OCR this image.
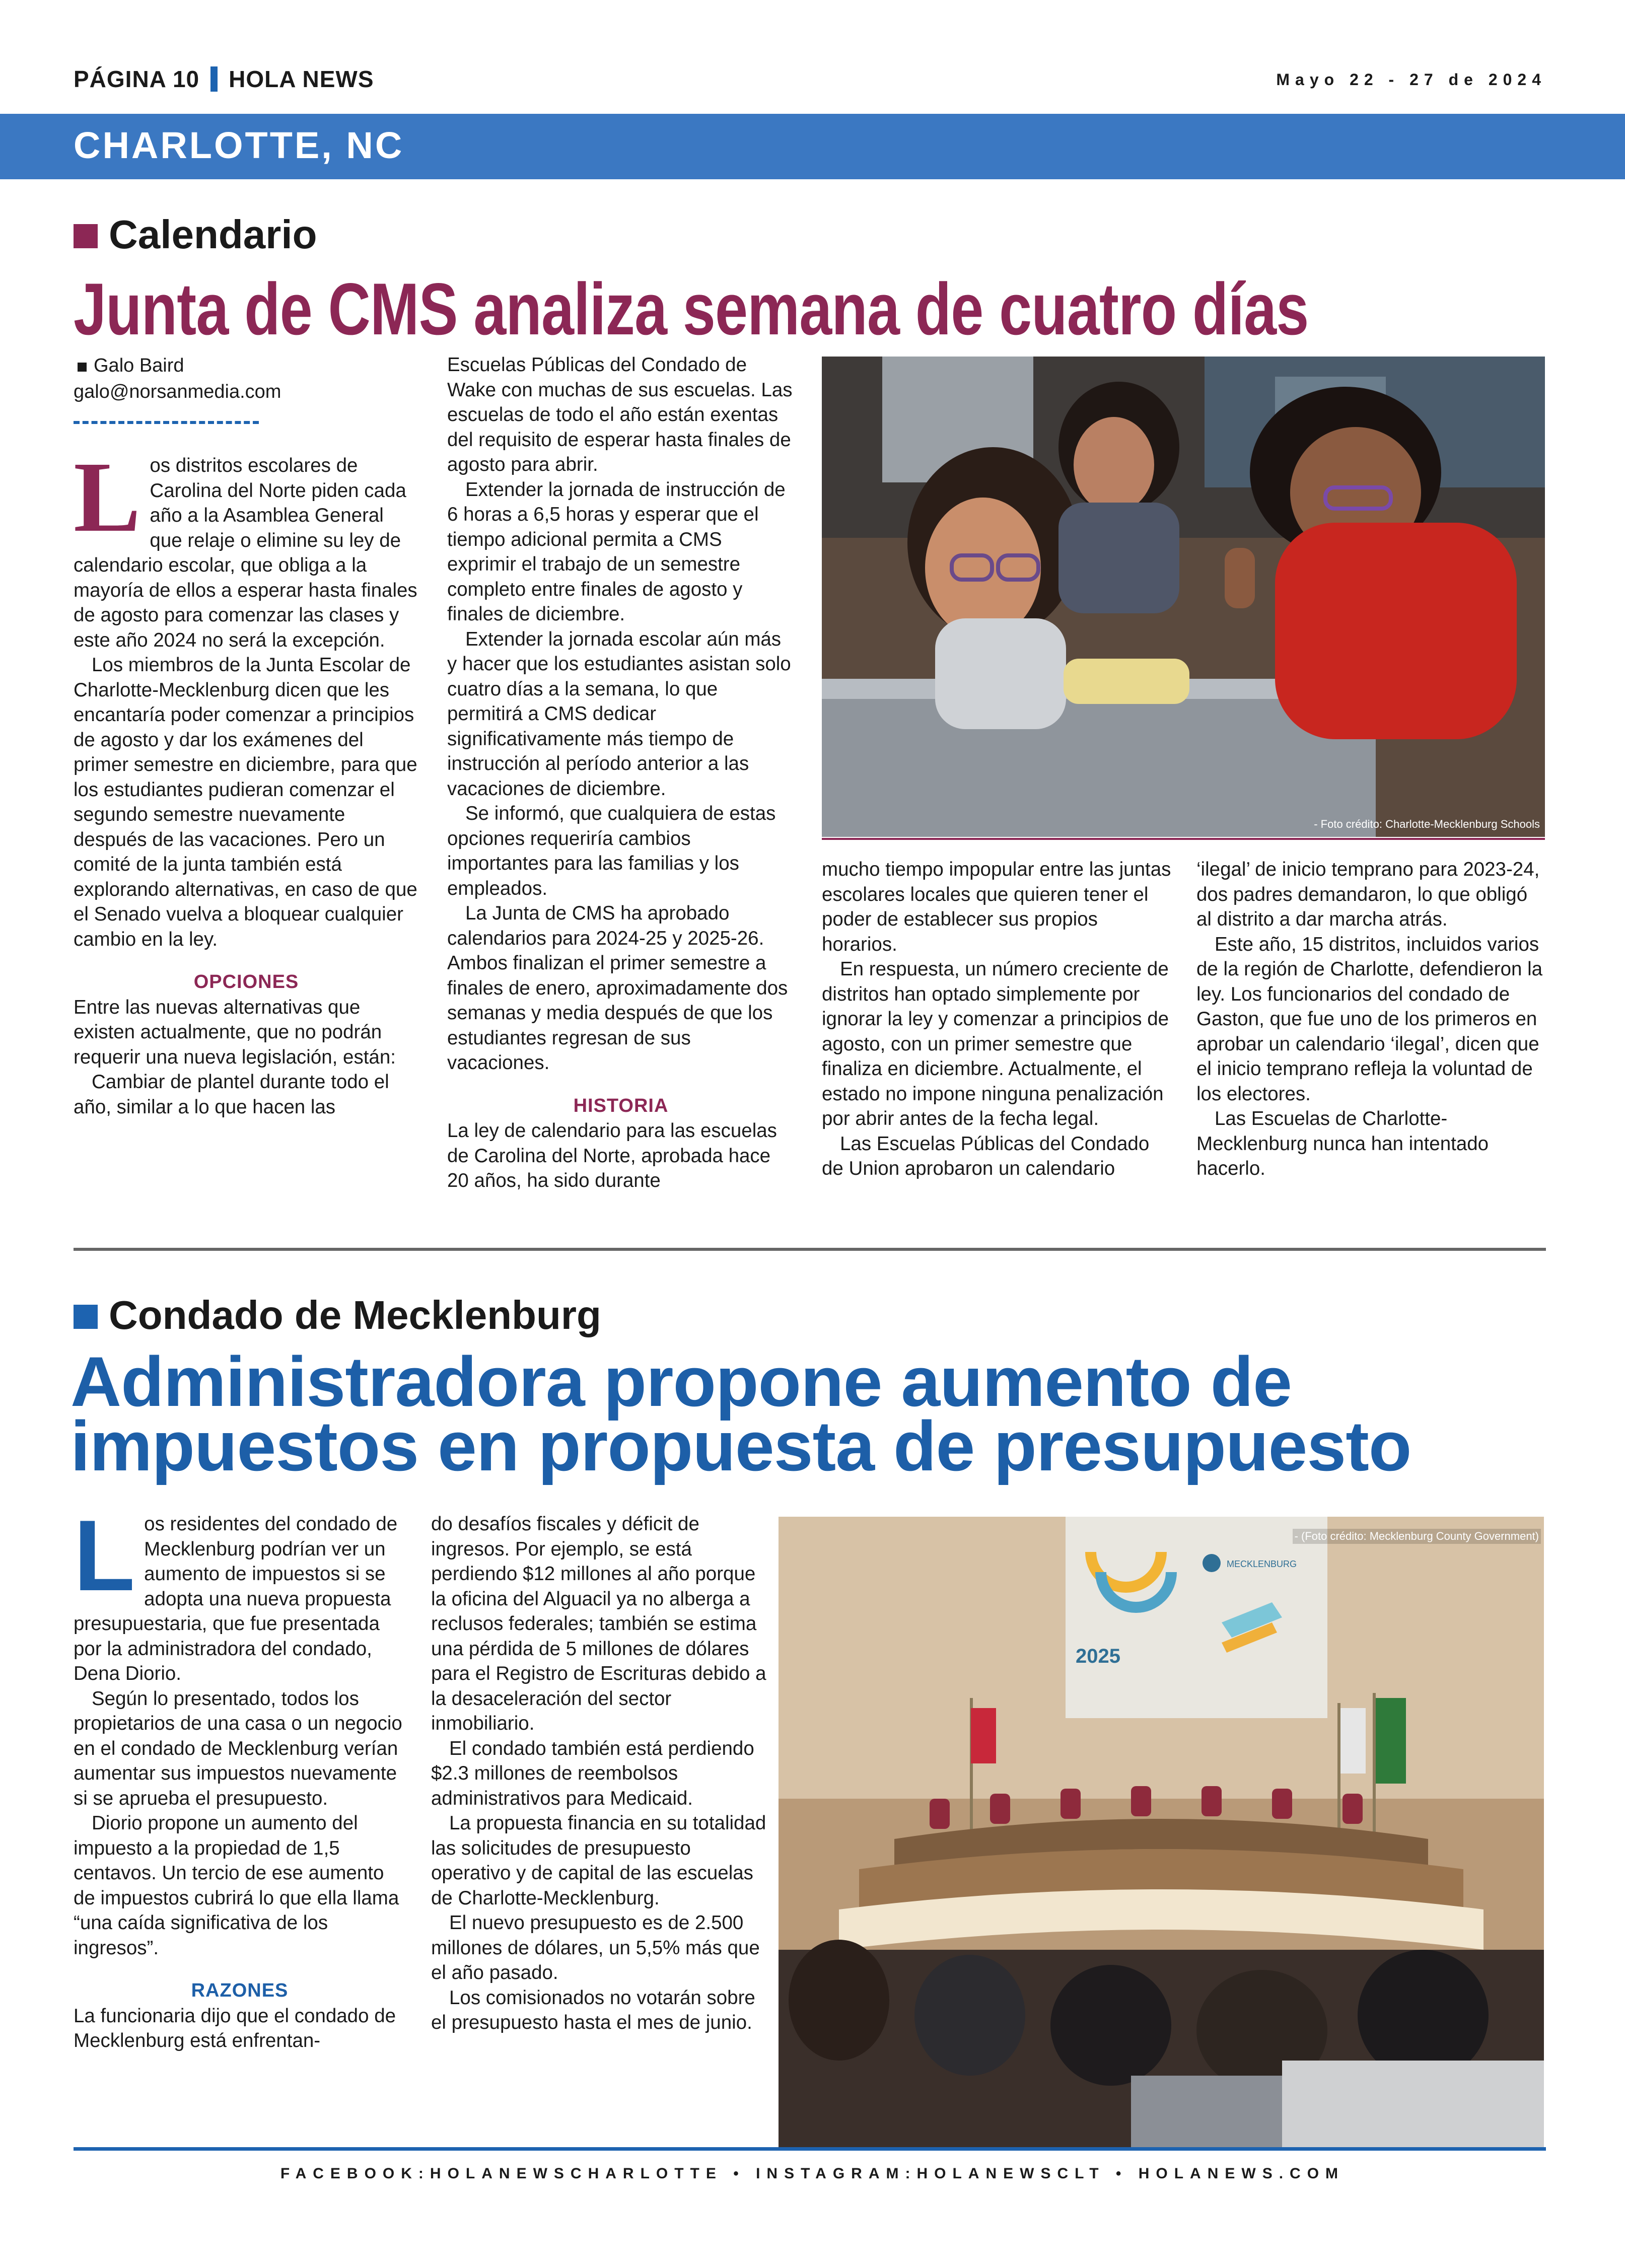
PÁGINA 10 HOLA NEWS	Mayo 22 - 27 de 2024
CHARLOTTE, NC
Calendario
Junta de CMS analiza semana de cuatro días
Galo Baird
galo@norsanmedia.com
L os distritos escolares de Carolina del Norte piden cada año a la Asamblea General que relaje o elimine su ley de calendario escolar, que obliga a la mayoría de ellos a esperar hasta finales de agosto para comenzar las clases y este año 2024 no será la excepción.

Los miembros de la Junta Escolar de Charlotte-Mecklenburg dicen que les encantaría poder comenzar a principios de agosto y dar los exámenes del primer semestre en diciembre, para que los estudiantes pudieran comenzar el segundo semestre nuevamente después de las vacaciones. Pero un comité de la junta también está explorando alternativas, en caso de que el Senado vuelva a bloquear cualquier cambio en la ley.

OPCIONES

Entre las nuevas alternativas que existen actualmente, que no podrán requerir una nueva legislación, están:

Cambiar de plantel durante todo el año, similar a lo que hacen las

Escuelas Públicas del Condado de Wake con muchas de sus escuelas. Las escuelas de todo el año están exentas del requisito de esperar hasta finales de agosto para abrir.

Extender la jornada de instrucción de 6 horas a 6,5 horas y esperar que el tiempo adicional permita a CMS exprimir el trabajo de un semestre completo entre finales de agosto y finales de diciembre.

Extender la jornada escolar aún más y hacer que los estudiantes asistan solo cuatro días a la semana, lo que permitirá a CMS dedicar significativamente más tiempo de instrucción al período anterior a las vacaciones de diciembre.

Se informó, que cualquiera de estas opciones requeriría cambios importantes para las familias y los empleados.

La Junta de CMS ha aprobado calendarios para 2024-25 y 2025-26. Ambos finalizan el primer semestre a finales de enero, aproximadamente dos semanas y media después de que los estudiantes regresan de sus vacaciones.

HISTORIA

La ley de calendario para las escuelas de Carolina del Norte, aprobada hace 20 años, ha sido durante

- Foto crédito: Charlotte-Mecklenburg Schools

mucho tiempo impopular entre las juntas escolares locales que quieren tener el poder de establecer sus propios horarios.

En respuesta, un número creciente de distritos han optado simplemente por ignorar la ley y comenzar a principios de agosto, con un primer semestre que finaliza en diciembre. Actualmente, el estado no impone ninguna penalización por abrir antes de la fecha legal.

Las Escuelas Públicas del Condado de Union aprobaron un calendario

‘ilegal’ de inicio temprano para 2023-24, dos padres demandaron, lo que obligó al distrito a dar marcha atrás.

Este año, 15 distritos, incluidos varios de la región de Charlotte, defendieron la ley. Los funcionarios del condado de Gaston, que fue uno de los primeros en aprobar un calendario ‘ilegal’, dicen que el inicio temprano refleja la voluntad de los electores.

Las Escuelas de Charlotte-Mecklenburg nunca han intentado hacerlo.

Condado de Mecklenburg
Administradora propone aumento de impuestos en propuesta de presupuesto
L os residentes del condado de Mecklenburg podrían ver un aumento de impuestos si se adopta una nueva propuesta presupuestaria, que fue presentada por la administradora del condado, Dena Diorio.

Según lo presentado, todos los propietarios de una casa o un negocio en el condado de Mecklenburg verían aumentar sus impuestos nuevamente si se aprueba el presupuesto.

Diorio propone un aumento del impuesto a la propiedad de 1,5 centavos. Un tercio de ese aumento de impuestos cubrirá lo que ella llama “una caída significativa de los ingresos”.

RAZONES

La funcionaria dijo que el condado de Mecklenburg está enfrentan-

do desafíos fiscales y déficit de ingresos. Por ejemplo, se está perdiendo $12 millones al año porque la oficina del Alguacil ya no alberga a reclusos federales; también se estima una pérdida de 5 millones de dólares para el Registro de Escrituras debido a la desaceleración del sector inmobiliario.

El condado también está perdiendo $2.3 millones de reembolsos administrativos para Medicaid.

La propuesta financia en su totalidad las solicitudes de presupuesto operativo y de capital de las escuelas de Charlotte-Mecklenburg.

El nuevo presupuesto es de 2.500 millones de dólares, un 5,5% más que el año pasado.

Los comisionados no votarán sobre el presupuesto hasta el mes de junio.

2025
MECKLENBURG
- (Foto crédito: Mecklenburg County Government)
FACEBOOK:HOLANEWSCHARLOTTE • INSTAGRAM:HOLANEWSCLT • HOLANEWS.COM
